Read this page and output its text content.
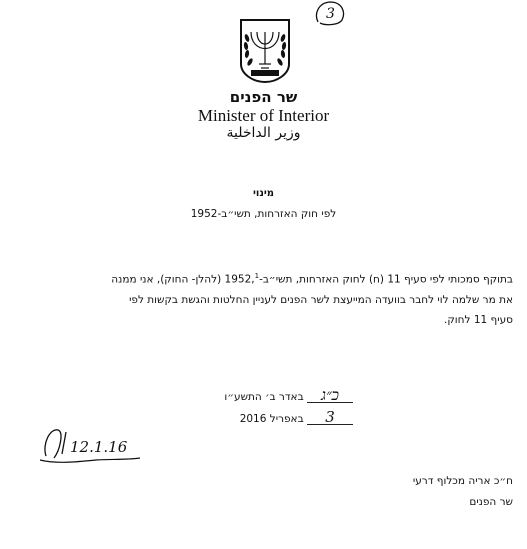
3
שר הפנים
Minister of Interior
وزير الداخلية
מינוי
לפי חוק האזרחות, תשי״ב-1952
בתוקף סמכותי לפי סעיף 11 (ח) לחוק האזרחות, תשי״ב-1952,$^1$ (להלן- החוק), אני ממנה
את מר שלמה לוי לחבר בוועדה המייעצת לשר הפנים לעניין החלטות והגשת בקשות לפי
סעיף 11 לחוק.
כ״ג באדר ב׳ התשע״ו
3 באפריל 2016
12.1.16
ח״כ אריה מכלוף דרעי
שר הפנים
